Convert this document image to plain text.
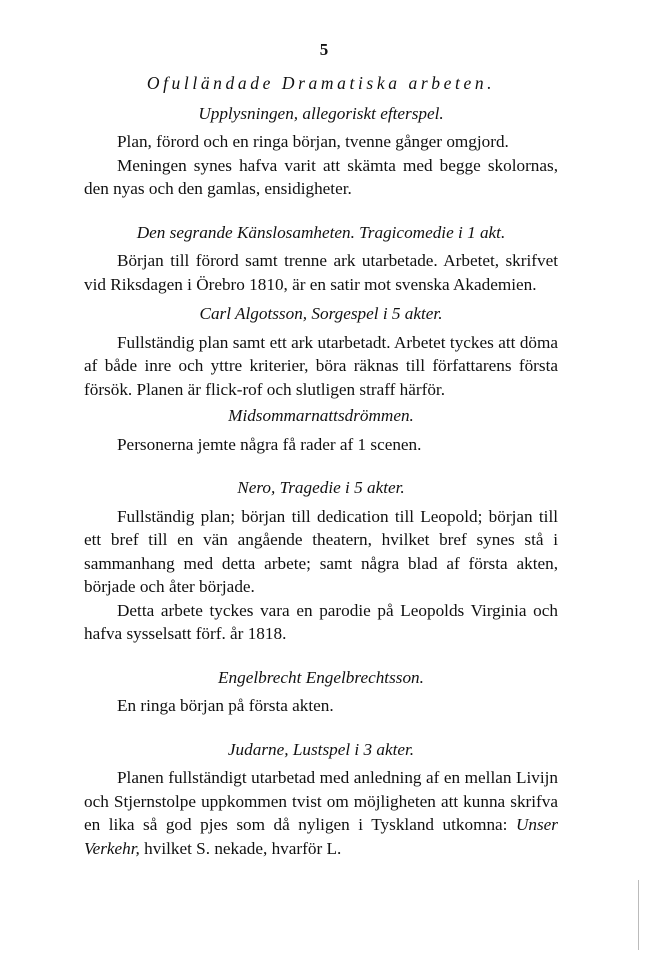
5
Ofulländade Dramatiska arbeten.
Upplysningen, allegoriskt efterspel.

Plan, förord och en ringa början, tvenne gånger omgjord.

Meningen synes hafva varit att skämta med begge skolornas, den nyas och den gamlas, ensidigheter.

Den segrande Känslosamheten. Tragicomedie i 1 akt.

Början till förord samt trenne ark utarbetade. Arbetet, skrifvet vid Riksdagen i Örebro 1810, är en satir mot svenska Akademien.

Carl Algotsson, Sorgespel i 5 akter.

Fullständig plan samt ett ark utarbetadt. Arbetet tyckes att döma af både inre och yttre kriterier, böra räknas till författarens första försök. Planen är flick-rof och slutligen straff härför.

Midsommarnattsdrömmen.

Personerna jemte några få rader af 1 scenen.

Nero, Tragedie i 5 akter.

Fullständig plan; början till dedication till Leopold; början till ett bref till en vän angående theatern, hvilket bref synes stå i sammanhang med detta arbete; samt några blad af första akten, började och åter började.

Detta arbete tyckes vara en parodie på Leopolds Virginia och hafva sysselsatt förf. år 1818.

Engelbrecht Engelbrechtsson.

En ringa början på första akten.

Judarne, Lustspel i 3 akter.

Planen fullständigt utarbetad med anledning af en mellan Livijn och Stjernstolpe uppkommen tvist om möjligheten att kunna skrifva en lika så god pjes som då nyligen i Tyskland utkomna: Unser Verkehr, hvilket S. nekade, hvarför L.
